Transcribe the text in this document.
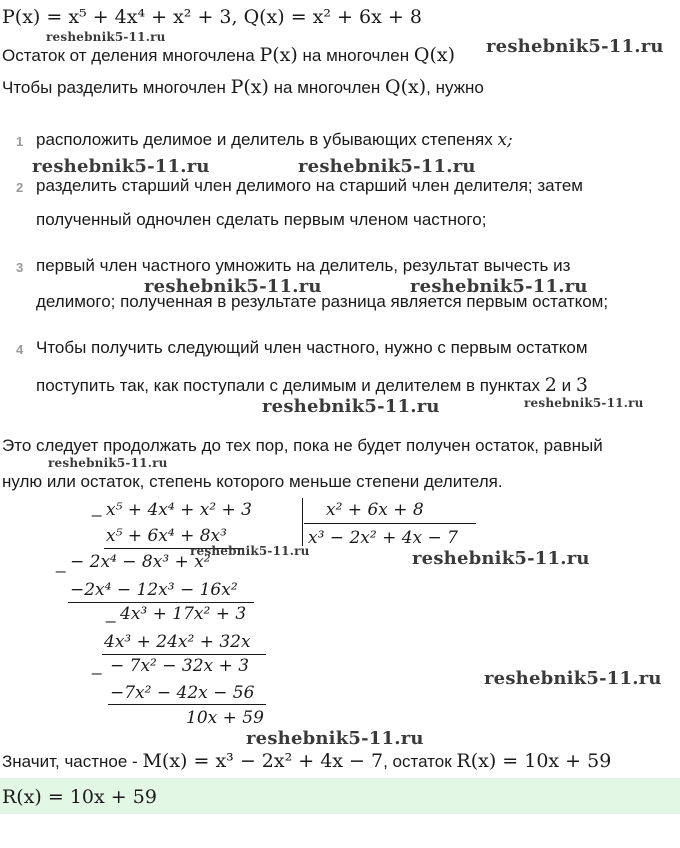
P(x) = x⁵ + 4x⁴ + x² + 3, Q(x) = x² + 6x + 8
Остаток от деления многочлена P(x) на многочлен Q(x)
Чтобы разделить многочлен P(x) на многочлен Q(x), нужно
1 расположить делимое и делитель в убывающих степенях x;
2 разделить старший член делимого на старший член делителя; затем
полученный одночлен сделать первым членом частного;
3 первый член частного умножить на делитель, результат вычесть из
делимого; полученная в результате разница является первым остатком;
4 Чтобы получить следующий член частного, нужно с первым остатком
поступить так, как поступали с делимым и делителем в пунктах 2 и 3
Это следует продолжать до тех пор, пока не будет получен остаток, равный
нулю или остаток, степень которого меньше степени делителя.
_ x⁵ + 4x⁴ + x² + 3	x² + 6x + 8
x³ − 2x² + 4x − 7
x⁵ + 6x⁴ + 8x³
_ − 2x⁴ − 8x³ + x²
−2x⁴ − 12x³ − 16x²
_ 4x³ + 17x² + 3
4x³ + 24x² + 32x
_ − 7x² − 32x + 3
−7x² − 42x − 56
10x + 59
Значит, частное - M(x) = x³ − 2x² + 4x − 7, остаток R(x) = 10x + 59
R(x) = 10x + 59
reshebnik5-11.ru	reshebnik5-11.ru
reshebnik5-11.ru	reshebnik5-11.ru
reshebnik5-11.ru	reshebnik5-11.ru
reshebnik5-11.ru	reshebnik5-11.ru
reshebnik5-11.ru
reshebnik5-11.ru	reshebnik5-11.ru
reshebnik5-11.ru
reshebnik5-11.ru
